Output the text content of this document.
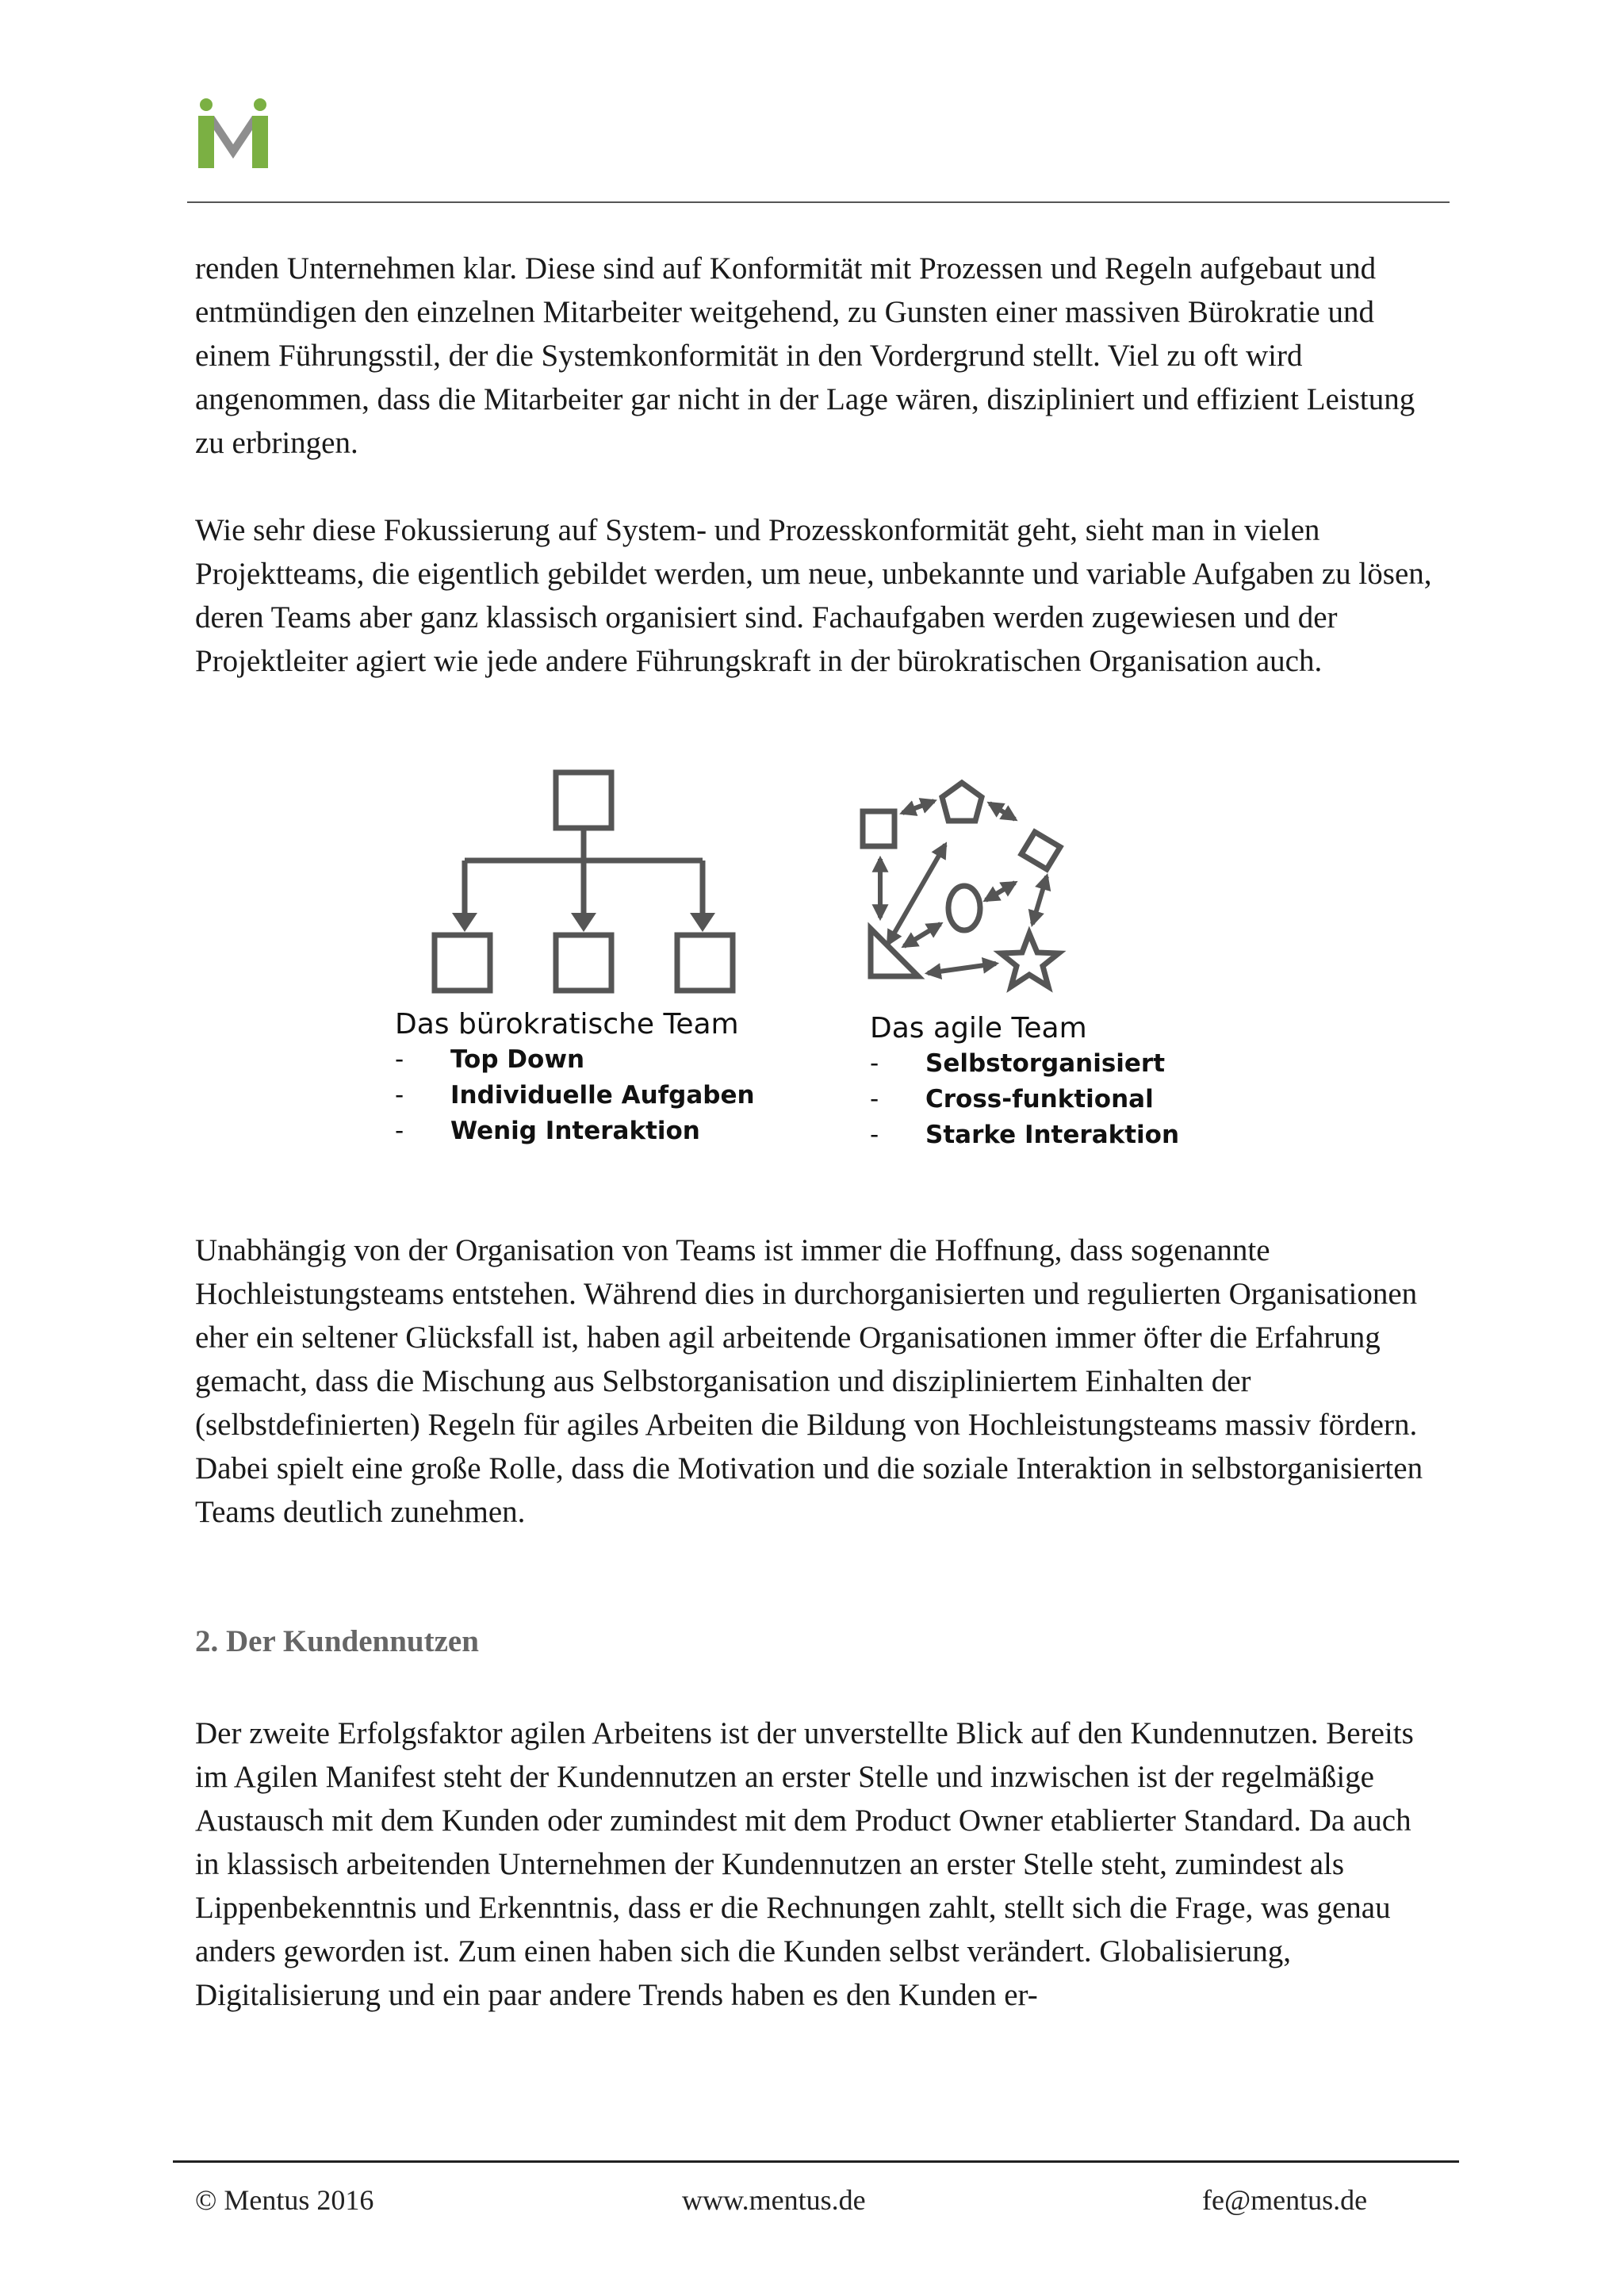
renden Unternehmen klar. Diese sind auf Konformität mit Prozessen und Regeln aufgebaut und entmündigen den einzelnen Mitarbeiter weitgehend, zu Gunsten einer massiven Bürokratie und einem Führungsstil, der die Systemkonformität in den Vordergrund stellt. Viel zu oft wird angenommen, dass die Mitarbeiter gar nicht in der Lage wären, diszipliniert und effizient Leistung zu erbringen.

Wie sehr diese Fokussierung auf System- und Prozesskonformität geht, sieht man in vielen Projektteams, die eigentlich gebildet werden, um neue, unbekannte und variable Aufgaben zu lösen, deren Teams aber ganz klassisch organisiert sind. Fachaufgaben werden zugewiesen und der Projektleiter agiert wie jede andere Führungskraft in der bürokratischen Organisation auch.

Das bürokratische Team
- Top Down
- Individuelle Aufgaben
- Wenig Interaktion
Das agile Team
- Selbstorganisiert
- Cross-funktional
- Starke Interaktion

Unabhängig von der Organisation von Teams ist immer die Hoffnung, dass sogenannte Hochleistungsteams entstehen. Während dies in durchorganisierten und regulierten Organisationen eher ein seltener Glücksfall ist, haben agil arbeitende Organisationen immer öfter die Erfahrung gemacht, dass die Mischung aus Selbstorganisation und diszipliniertem Einhalten der (selbstdefinierten) Regeln für agiles Arbeiten die Bildung von Hochleistungsteams massiv fördern. Dabei spielt eine große Rolle, dass die Motivation und die soziale Interaktion in selbstorganisierten Teams deutlich zunehmen.

2. Der Kundennutzen

Der zweite Erfolgsfaktor agilen Arbeitens ist der unverstellte Blick auf den Kundennutzen. Bereits im Agilen Manifest steht der Kundennutzen an erster Stelle und inzwischen ist der regelmäßige Austausch mit dem Kunden oder zumindest mit dem Product Owner etablierter Standard. Da auch in klassisch arbeitenden Unternehmen der Kundennutzen an erster Stelle steht, zumindest als Lippenbekenntnis und Erkenntnis, dass er die Rechnungen zahlt, stellt sich die Frage, was genau anders geworden ist. Zum einen haben sich die Kunden selbst verändert. Globalisierung, Digitalisierung und ein paar andere Trends haben es den Kunden er-

© Mentus 2016	www.mentus.de	fe@mentus.de
